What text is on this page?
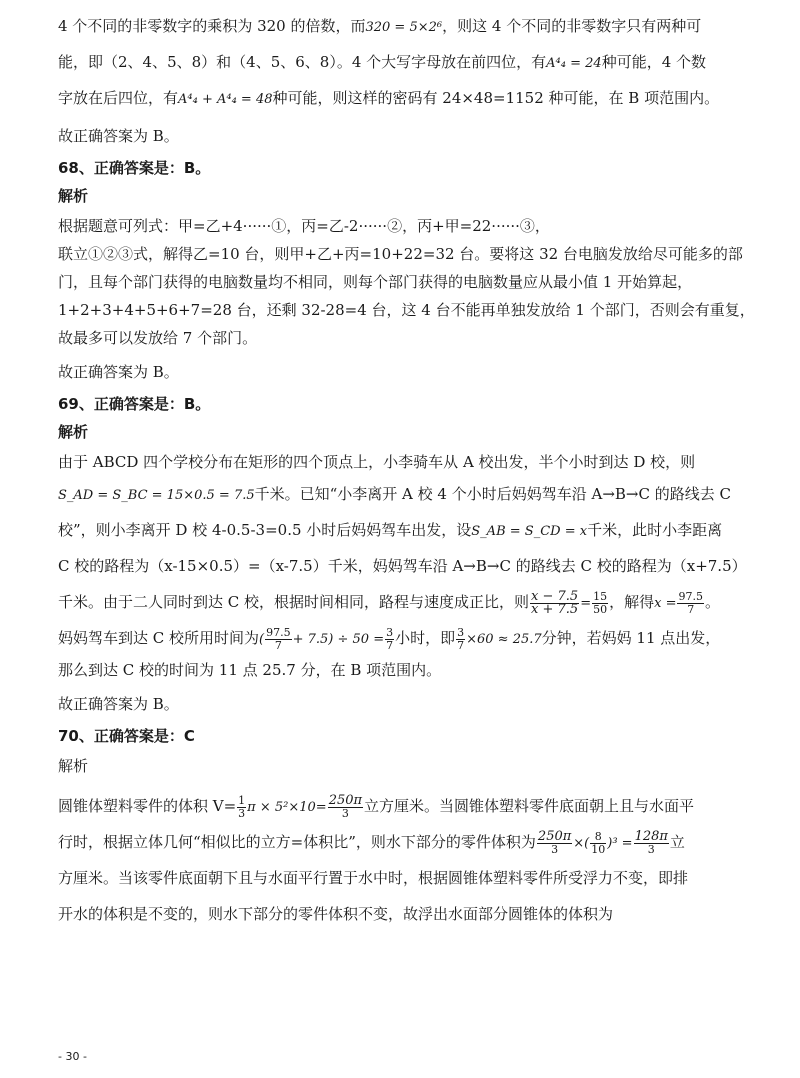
4 个不同的非零数字的乘积为 320 的倍数，而320 = 5×2⁶，则这 4 个不同的非零数字只有两种可

能，即（2、4、5、8）和（4、5、6、8）。4 个大写字母放在前四位，有A⁴₄ = 24种可能，4 个数

字放在后四位，有A⁴₄ + A⁴₄ = 48种可能，则这样的密码有 24×48=1152 种可能，在 B 项范围内。

故正确答案为 B。

68、正确答案是：B。

解析

根据题意可列式：甲=乙+4······①，丙=乙-2······②，丙+甲=22······③，

联立①②③式，解得乙=10 台，则甲+乙+丙=10+22=32 台。要将这 32 台电脑发放给尽可能多的部

门，且每个部门获得的电脑数量均不相同，则每个部门获得的电脑数量应从最小值 1 开始算起，

1+2+3+4+5+6+7=28 台，还剩 32-28=4 台，这 4 台不能再单独发放给 1 个部门，否则会有重复，

故最多可以发放给 7 个部门。

故正确答案为 B。

69、正确答案是：B。

解析

由于 ABCD 四个学校分布在矩形的四个顶点上，小李骑车从 A 校出发，半个小时到达 D 校，则

S_AD = S_BC = 15×0.5 = 7.5千米。已知“小李离开 A 校 4 个小时后妈妈驾车沿 A→B→C 的路线去 C

校”，则小李离开 D 校 4-0.5-3=0.5 小时后妈妈驾车出发，设S_AB = S_CD = x千米，此时小李距离

C 校的路程为（x-15×0.5）=（x-7.5）千米，妈妈驾车沿 A→B→C 的路线去 C 校的路程为（x+7.5）

千米。由于二人同时到达 C 校，根据时间相同，路程与速度成正比，则 $\frac{x - 7.5}{x + 7.5} = \frac{15}{50}$ ，解得$x = \frac{97.5}{7}$ 。

妈妈驾车到达 C 校所用时间为( $\frac{97.5}{7} + 7.5) \div 50 = \frac{3}{7}$ 小时，即 $\frac{3}{7} \times 60 \approx 25.7$分钟，若妈妈 11 点出发，

那么到达 C 校的时间为 11 点 25.7 分，在 B 项范围内。

故正确答案为 B。

70、正确答案是：C

解析

圆锥体塑料零件的体积 $V= \frac{1}{3}$ $\pi \times 5^2\times 10= \frac{250\pi}{3}$ 立方厘米。当圆锥体塑料零件底面朝上且与水面平

行时，根据立体几何“相似比的立方=体积比”，则水下部分的零件体积为 $\frac{250\pi}{3}$ ×( $\frac{8}{10} )^3 = \frac{128\pi}{3}$ 立

方厘米。当该零件底面朝下且与水面平行置于水中时，根据圆锥体塑料零件所受浮力不变，即排

开水的体积是不变的，则水下部分的零件体积不变，故浮出水面部分圆锥体的体积为

- 30 -
